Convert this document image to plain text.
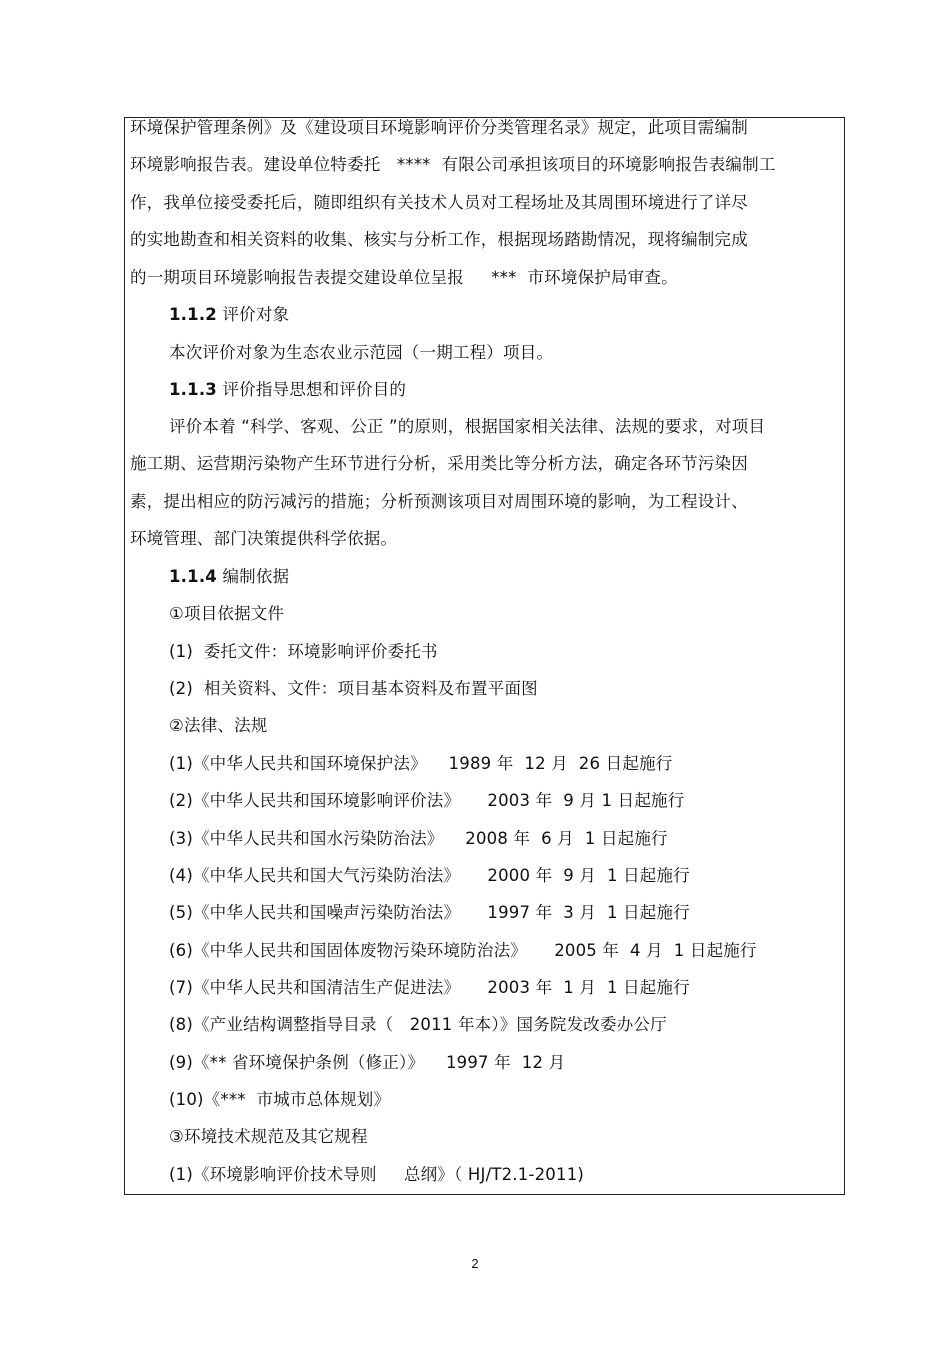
环境保护管理条例》及《建设项目环境影响评价分类管理名录》规定，此项目需编制
环境影响报告表。建设单位特委托   ****  有限公司承担该项目的环境影响报告表编制工
作，我单位接受委托后，随即组织有关技术人员对工程场址及其周围环境进行了详尽
的实地勘查和相关资料的收集、核实与分析工作，根据现场踏勘情况，现将编制完成
的一期项目环境影响报告表提交建设单位呈报     ***  市环境保护局审查。
1.1.2 评价对象
本次评价对象为生态农业示范园（一期工程）项目。
1.1.3 评价指导思想和评价目的
评价本着 “科学、客观、公正 ”的原则，根据国家相关法律、法规的要求，对项目
施工期、运营期污染物产生环节进行分析，采用类比等分析方法，确定各环节污染因
素，提出相应的防污减污的措施；分析预测该项目对周围环境的影响，为工程设计、
环境管理、部门决策提供科学依据。
1.1.4 编制依据
①项目依据文件
(1)  委托文件：环境影响评价委托书
(2)  相关资料、文件：项目基本资料及布置平面图
②法律、法规
(1)《中华人民共和国环境保护法》    1989 年  12 月  26 日起施行
(2)《中华人民共和国环境影响评价法》     2003 年  9 月 1 日起施行
(3)《中华人民共和国水污染防治法》    2008 年  6 月  1 日起施行
(4)《中华人民共和国大气污染防治法》     2000 年  9 月  1 日起施行
(5)《中华人民共和国噪声污染防治法》     1997 年  3 月  1 日起施行
(6)《中华人民共和国固体废物污染环境防治法》     2005 年  4 月  1 日起施行
(7)《中华人民共和国清洁生产促进法》     2003 年  1 月  1 日起施行
(8)《产业结构调整指导目录（   2011 年本）》国务院发改委办公厅
(9)《** 省环境保护条例（修正）》    1997 年  12 月
(10)《***  市城市总体规划》
③环境技术规范及其它规程
(1)《环境影响评价技术导则     总纲》（ HJ/T2.1-2011)
2
